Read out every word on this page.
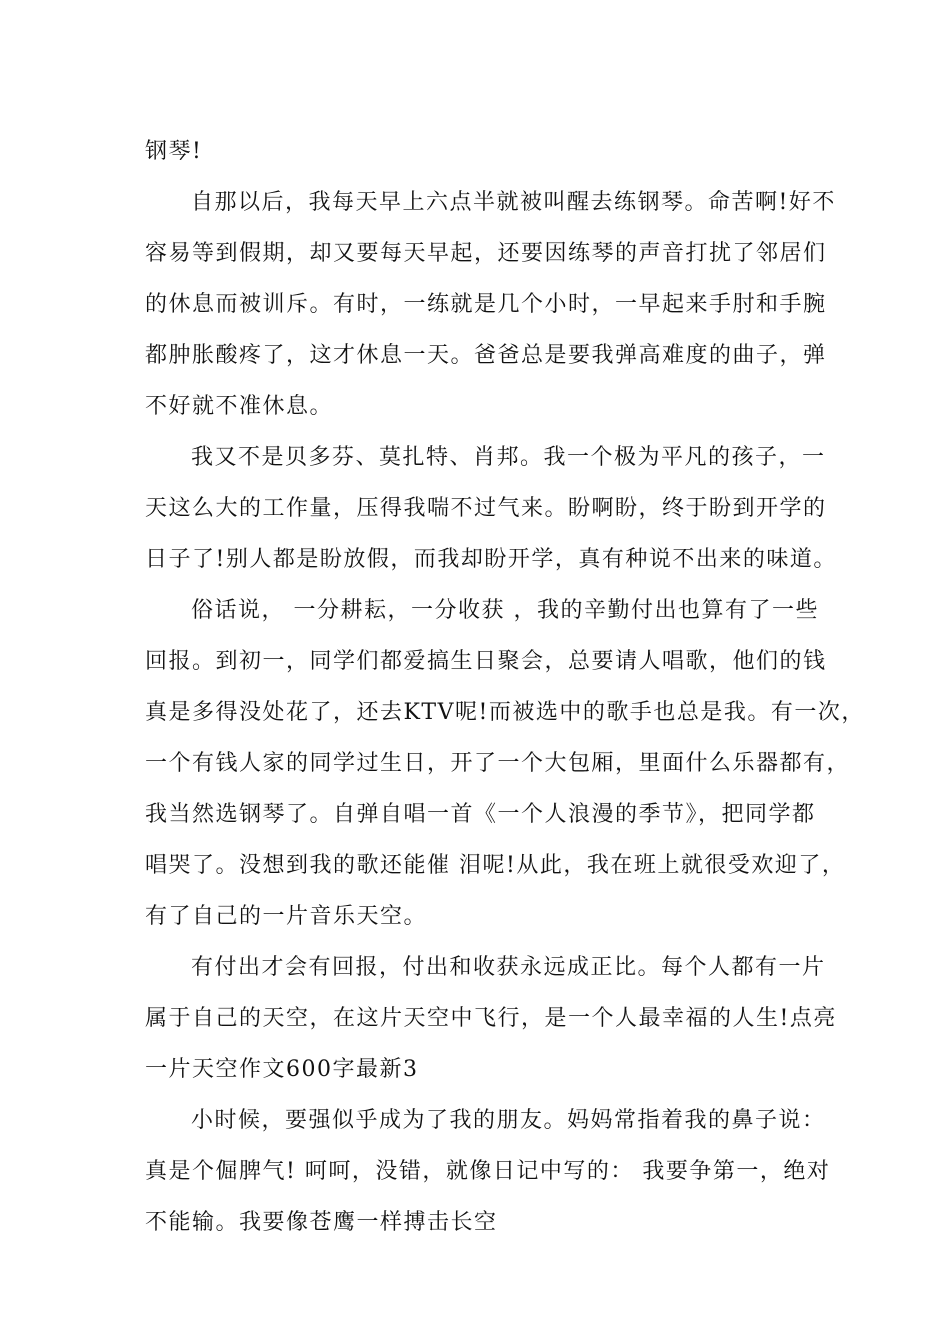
钢琴!
自那以后，我每天早上六点半就被叫醒去练钢琴。命苦啊!好不
容易等到假期，却又要每天早起，还要因练琴的声音打扰了邻居们
的休息而被训斥。有时，一练就是几个小时，一早起来手肘和手腕
都肿胀酸疼了，这才休息一天。爸爸总是要我弹高难度的曲子，弹
不好就不准休息。
我又不是贝多芬、莫扎特、肖邦。我一个极为平凡的孩子，一
天这么大的工作量，压得我喘不过气来。盼啊盼，终于盼到开学的
日子了!别人都是盼放假，而我却盼开学，真有种说不出来的味道。
俗话说， 一分耕耘，一分收获 ，我的辛勤付出也算有了一些
回报。到初一，同学们都爱搞生日聚会，总要请人唱歌，他们的钱
真是多得没处花了，还去KTV呢!而被选中的歌手也总是我。有一次，
一个有钱人家的同学过生日，开了一个大包厢，里面什么乐器都有，
我当然选钢琴了。自弹自唱一首《一个人浪漫的季节》，把同学都
唱哭了。没想到我的歌还能催 泪呢!从此，我在班上就很受欢迎了，
有了自己的一片音乐天空。
有付出才会有回报，付出和收获永远成正比。每个人都有一片
属于自己的天空，在这片天空中飞行，是一个人最幸福的人生!点亮
一片天空作文600字最新3
小时候，要强似乎成为了我的朋友。妈妈常指着我的鼻子说：
真是个倔脾气! 呵呵，没错，就像日记中写的： 我要争第一，绝对
不能输。我要像苍鹰一样搏击长空
